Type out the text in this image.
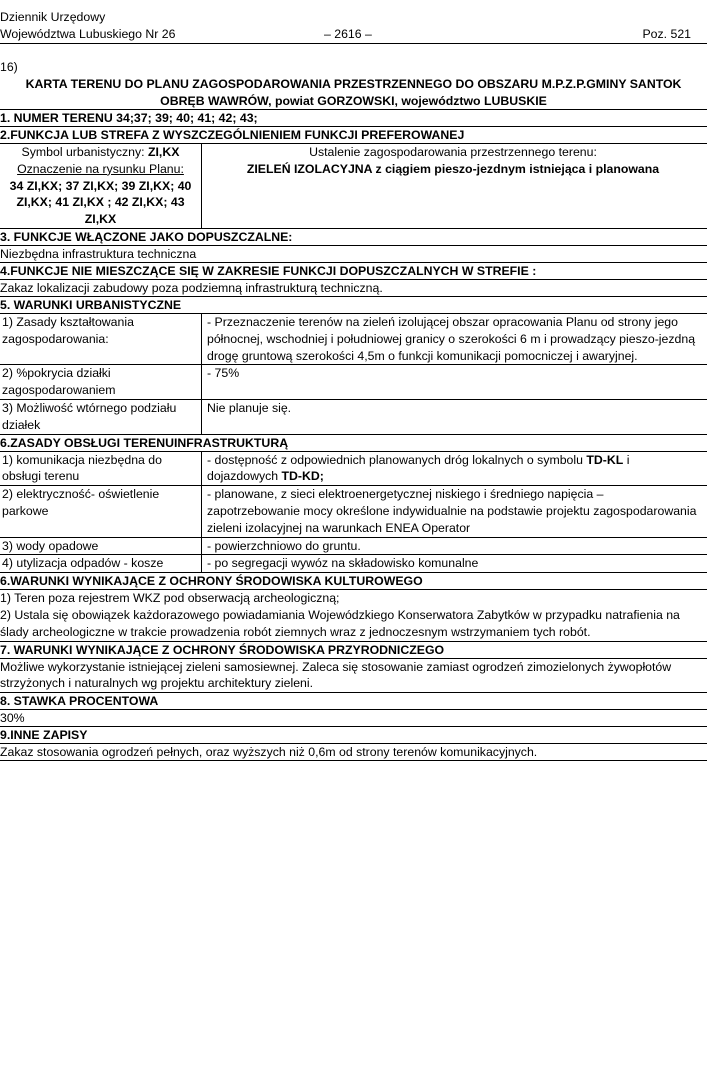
Dziennik Urzędowy
Województwa Lubuskiego Nr 26	– 2616 –	Poz. 521
16)
KARTA TERENU DO PLANU ZAGOSPODAROWANIA PRZESTRZENNEGO DO OBSZARU M.P.Z.P.GMINY SANTOK OBRĘB WAWRÓW, powiat GORZOWSKI, województwo LUBUSKIE
1. NUMER TERENU 34;37; 39; 40; 41; 42; 43;
2.FUNKCJA LUB STREFA Z WYSZCZEGÓLNIENIEM FUNKCJI PREFEROWANEJ
Symbol urbanistyczny: ZI,KX
Oznaczenie na rysunku Planu:
34 ZI,KX; 37 ZI,KX; 39 ZI,KX; 40 ZI,KX; 41 ZI,KX ; 42 ZI,KX; 43 ZI,KX

Ustalenie zagospodarowania przestrzennego terenu:
ZIELEŃ IZOLACYJNA z ciągiem pieszo-jezdnym istniejąca i planowana
3. FUNKCJE WŁĄCZONE JAKO DOPUSZCZALNE:
Niezbędna infrastruktura techniczna
4.FUNKCJE NIE MIESZCZĄCE SIĘ W ZAKRESIE FUNKCJI DOPUSZCZALNYCH W STREFIE :
Zakaz lokalizacji zabudowy poza podziemną infrastrukturą techniczną.
5. WARUNKI URBANISTYCZNE
1) Zasady kształtowania zagospodarowania:	- Przeznaczenie terenów na zieleń izolującej obszar opracowania Planu od strony jego północnej, wschodniej i południowej granicy o szerokości 6 m i prowadzący pieszo-jezdną drogę gruntową szerokości 4,5m o funkcji komunikacji pomocniczej i awaryjnej.
2) %pokrycia działki zagospodarowaniem	- 75%
3) Możliwość wtórnego podziału działek	Nie planuje się.
6.ZASADY OBSŁUGI TERENUINFRASTRUKTURĄ
1) komunikacja niezbędna do obsługi terenu	- dostępność z odpowiednich planowanych dróg lokalnych o symbolu TD-KL i dojazdowych TD-KD;
2) elektryczność- oświetlenie parkowe	- planowane, z sieci elektroenergetycznej niskiego i średniego napięcia – zapotrzebowanie mocy określone indywidualnie na podstawie projektu zagospodarowania zieleni izolacyjnej na warunkach ENEA Operator
3) wody opadowe	- powierzchniowo do gruntu.
4) utylizacja odpadów - kosze	- po segregacji wywóz na składowisko komunalne
6.WARUNKI WYNIKAJĄCE Z OCHRONY ŚRODOWISKA KULTUROWEGO
1) Teren poza rejestrem WKZ pod obserwacją archeologiczną;
2) Ustala się obowiązek każdorazowego powiadamiania Wojewódzkiego Konserwatora Zabytków w przypadku natrafienia na ślady archeologiczne w trakcie prowadzenia robót ziemnych wraz z jednoczesnym wstrzymaniem tych robót.
7. WARUNKI WYNIKAJĄCE Z OCHRONY ŚRODOWISKA PRZYRODNICZEGO
Możliwe wykorzystanie istniejącej zieleni samosiewnej. Zaleca się stosowanie zamiast ogrodzeń zimozielonych żywopłotów strzyżonych i naturalnych wg projektu architektury zieleni.
8. STAWKA PROCENTOWA
30%
9.INNE ZAPISY
Zakaz stosowania ogrodzeń pełnych, oraz wyższych niż 0,6m od strony terenów komunikacyjnych.
